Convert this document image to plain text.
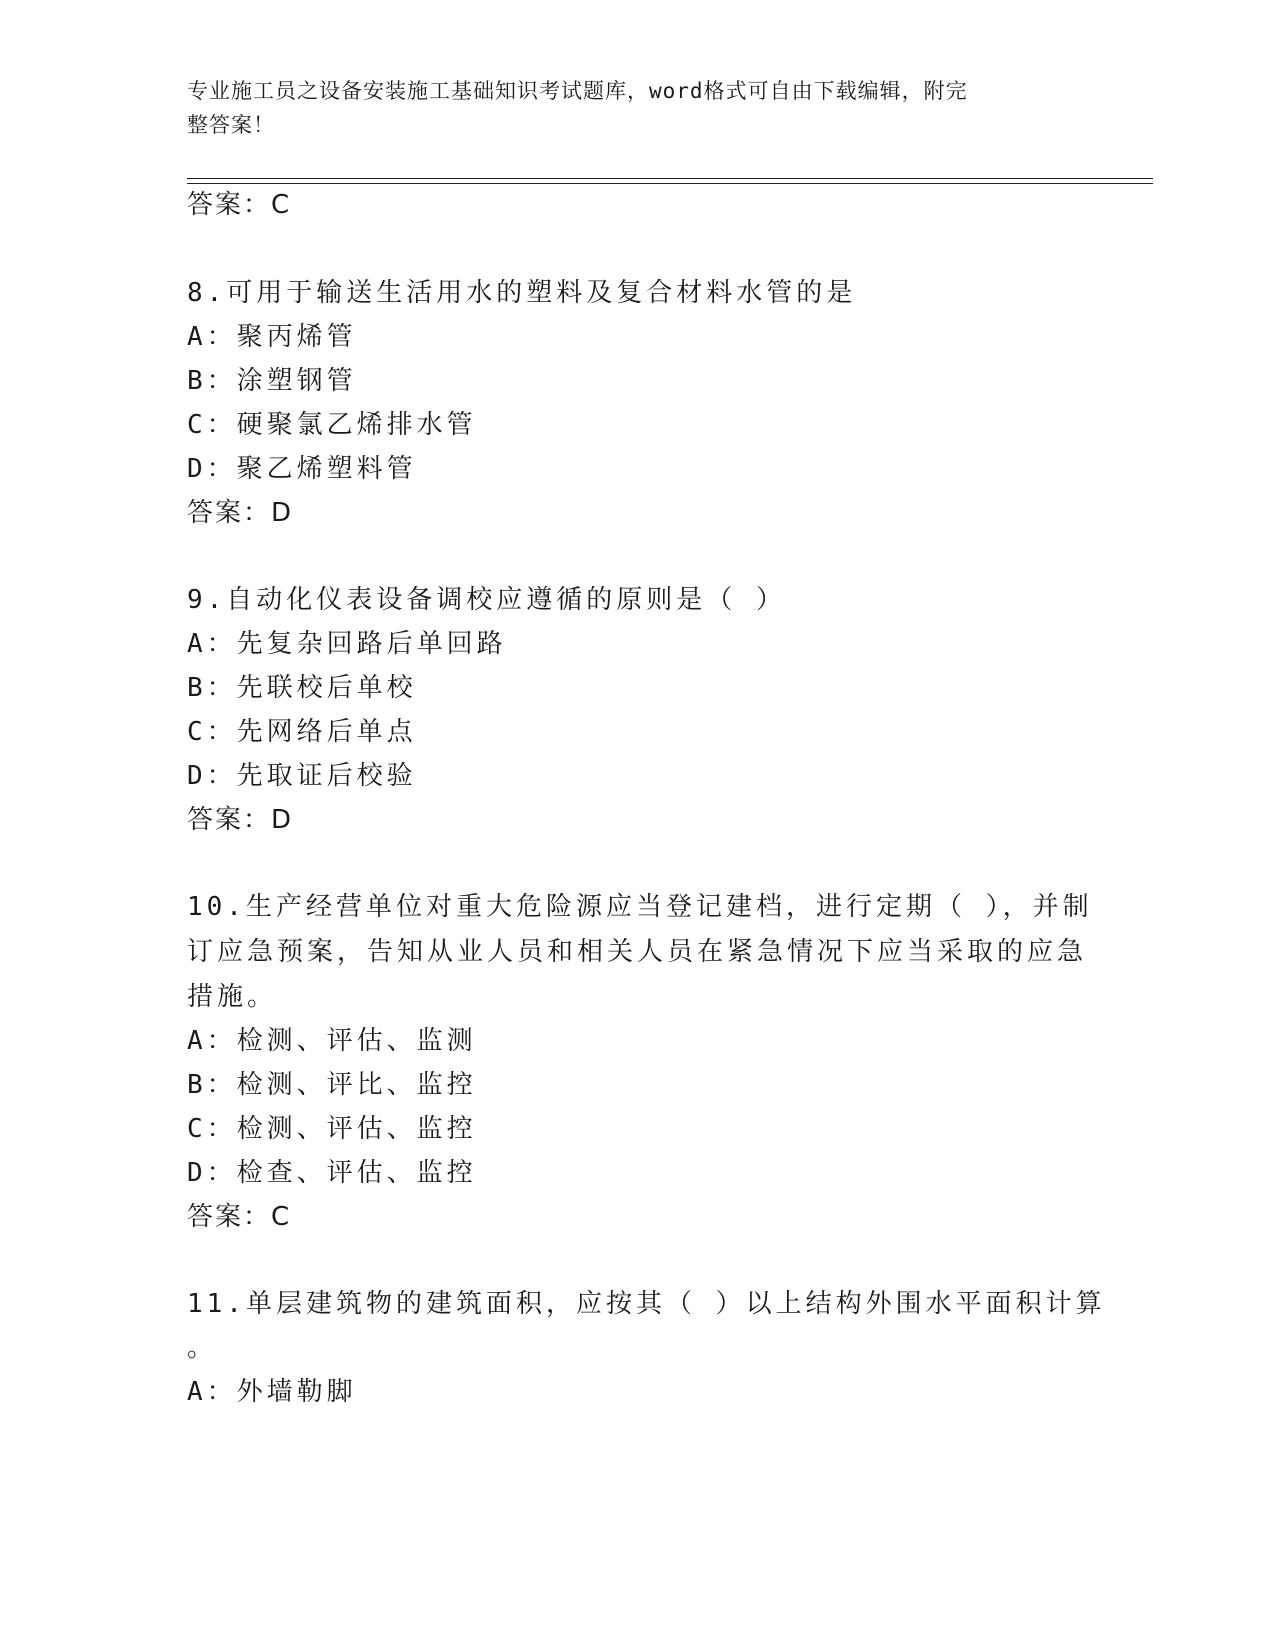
专业施工员之设备安装施工基础知识考试题库，word格式可自由下载编辑，附完
整答案！
答案：C
8.可用于输送生活用水的塑料及复合材料水管的是
A：聚丙烯管
B：涂塑钢管
C：硬聚氯乙烯排水管
D：聚乙烯塑料管
答案：D
9.自动化仪表设备调校应遵循的原则是（ ）
A：先复杂回路后单回路
B：先联校后单校
C：先网络后单点
D：先取证后校验
答案：D
10.生产经营单位对重大危险源应当登记建档，进行定期（ ），并制
订应急预案，告知从业人员和相关人员在紧急情况下应当采取的应急
措施。
A：检测、评估、监测
B：检测、评比、监控
C：检测、评估、监控
D：检查、评估、监控
答案：C
11.单层建筑物的建筑面积，应按其（ ）以上结构外围水平面积计算
。
A：外墙勒脚
